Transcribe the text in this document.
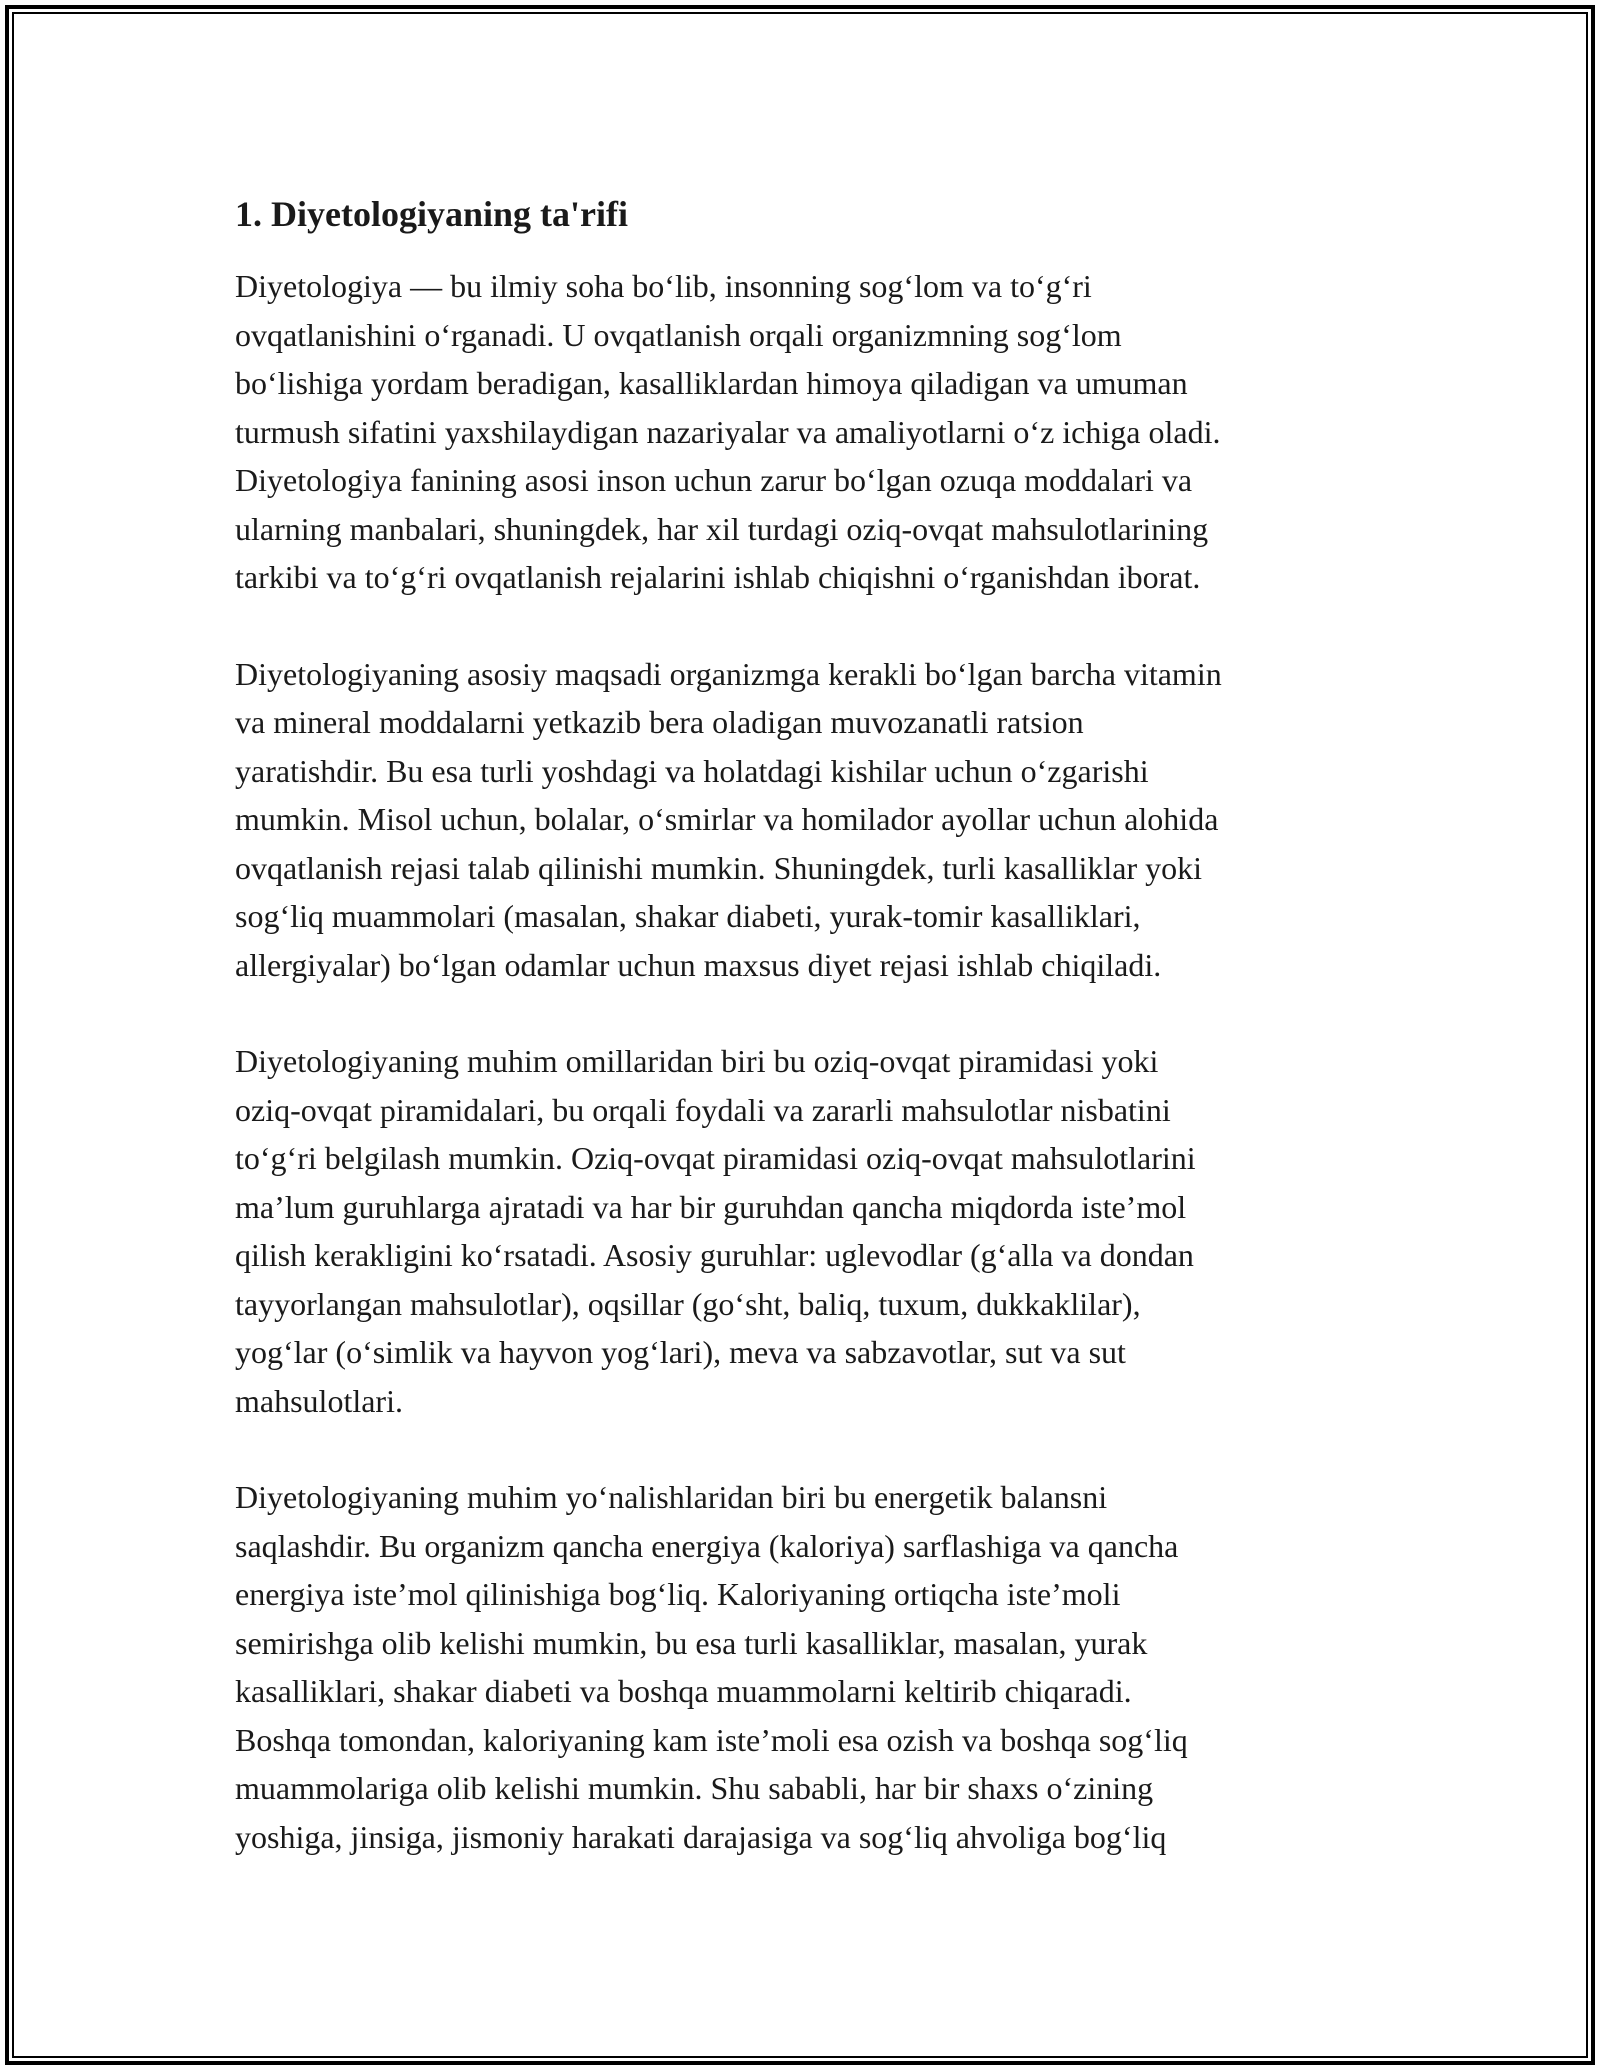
1. Diyetologiyaning ta'rifi
Diyetologiya — bu ilmiy soha bo‘lib, insonning sog‘lom va to‘g‘ri
ovqatlanishini o‘rganadi. U ovqatlanish orqali organizmning sog‘lom
bo‘lishiga yordam beradigan, kasalliklardan himoya qiladigan va umuman
turmush sifatini yaxshilaydigan nazariyalar va amaliyotlarni o‘z ichiga oladi.
Diyetologiya fanining asosi inson uchun zarur bo‘lgan ozuqa moddalari va
ularning manbalari, shuningdek, har xil turdagi oziq-ovqat mahsulotlarining
tarkibi va to‘g‘ri ovqatlanish rejalarini ishlab chiqishni o‘rganishdan iborat.
Diyetologiyaning asosiy maqsadi organizmga kerakli bo‘lgan barcha vitamin
va mineral moddalarni yetkazib bera oladigan muvozanatli ratsion
yaratishdir. Bu esa turli yoshdagi va holatdagi kishilar uchun o‘zgarishi
mumkin. Misol uchun, bolalar, o‘smirlar va homilador ayollar uchun alohida
ovqatlanish rejasi talab qilinishi mumkin. Shuningdek, turli kasalliklar yoki
sog‘liq muammolari (masalan, shakar diabeti, yurak-tomir kasalliklari,
allergiyalar) bo‘lgan odamlar uchun maxsus diyet rejasi ishlab chiqiladi.
Diyetologiyaning muhim omillaridan biri bu oziq-ovqat piramidasi yoki
oziq-ovqat piramidalari, bu orqali foydali va zararli mahsulotlar nisbatini
to‘g‘ri belgilash mumkin. Oziq-ovqat piramidasi oziq-ovqat mahsulotlarini
ma’lum guruhlarga ajratadi va har bir guruhdan qancha miqdorda iste’mol
qilish kerakligini ko‘rsatadi. Asosiy guruhlar: uglevodlar (g‘alla va dondan
tayyorlangan mahsulotlar), oqsillar (go‘sht, baliq, tuxum, dukkaklilar),
yog‘lar (o‘simlik va hayvon yog‘lari), meva va sabzavotlar, sut va sut
mahsulotlari.
Diyetologiyaning muhim yo‘nalishlaridan biri bu energetik balansni
saqlashdir. Bu organizm qancha energiya (kaloriya) sarflashiga va qancha
energiya iste’mol qilinishiga bog‘liq. Kaloriyaning ortiqcha iste’moli
semirishga olib kelishi mumkin, bu esa turli kasalliklar, masalan, yurak
kasalliklari, shakar diabeti va boshqa muammolarni keltirib chiqaradi.
Boshqa tomondan, kaloriyaning kam iste’moli esa ozish va boshqa sog‘liq
muammolariga olib kelishi mumkin. Shu sababli, har bir shaxs o‘zining
yoshiga, jinsiga, jismoniy harakati darajasiga va sog‘liq ahvoliga bog‘liq
